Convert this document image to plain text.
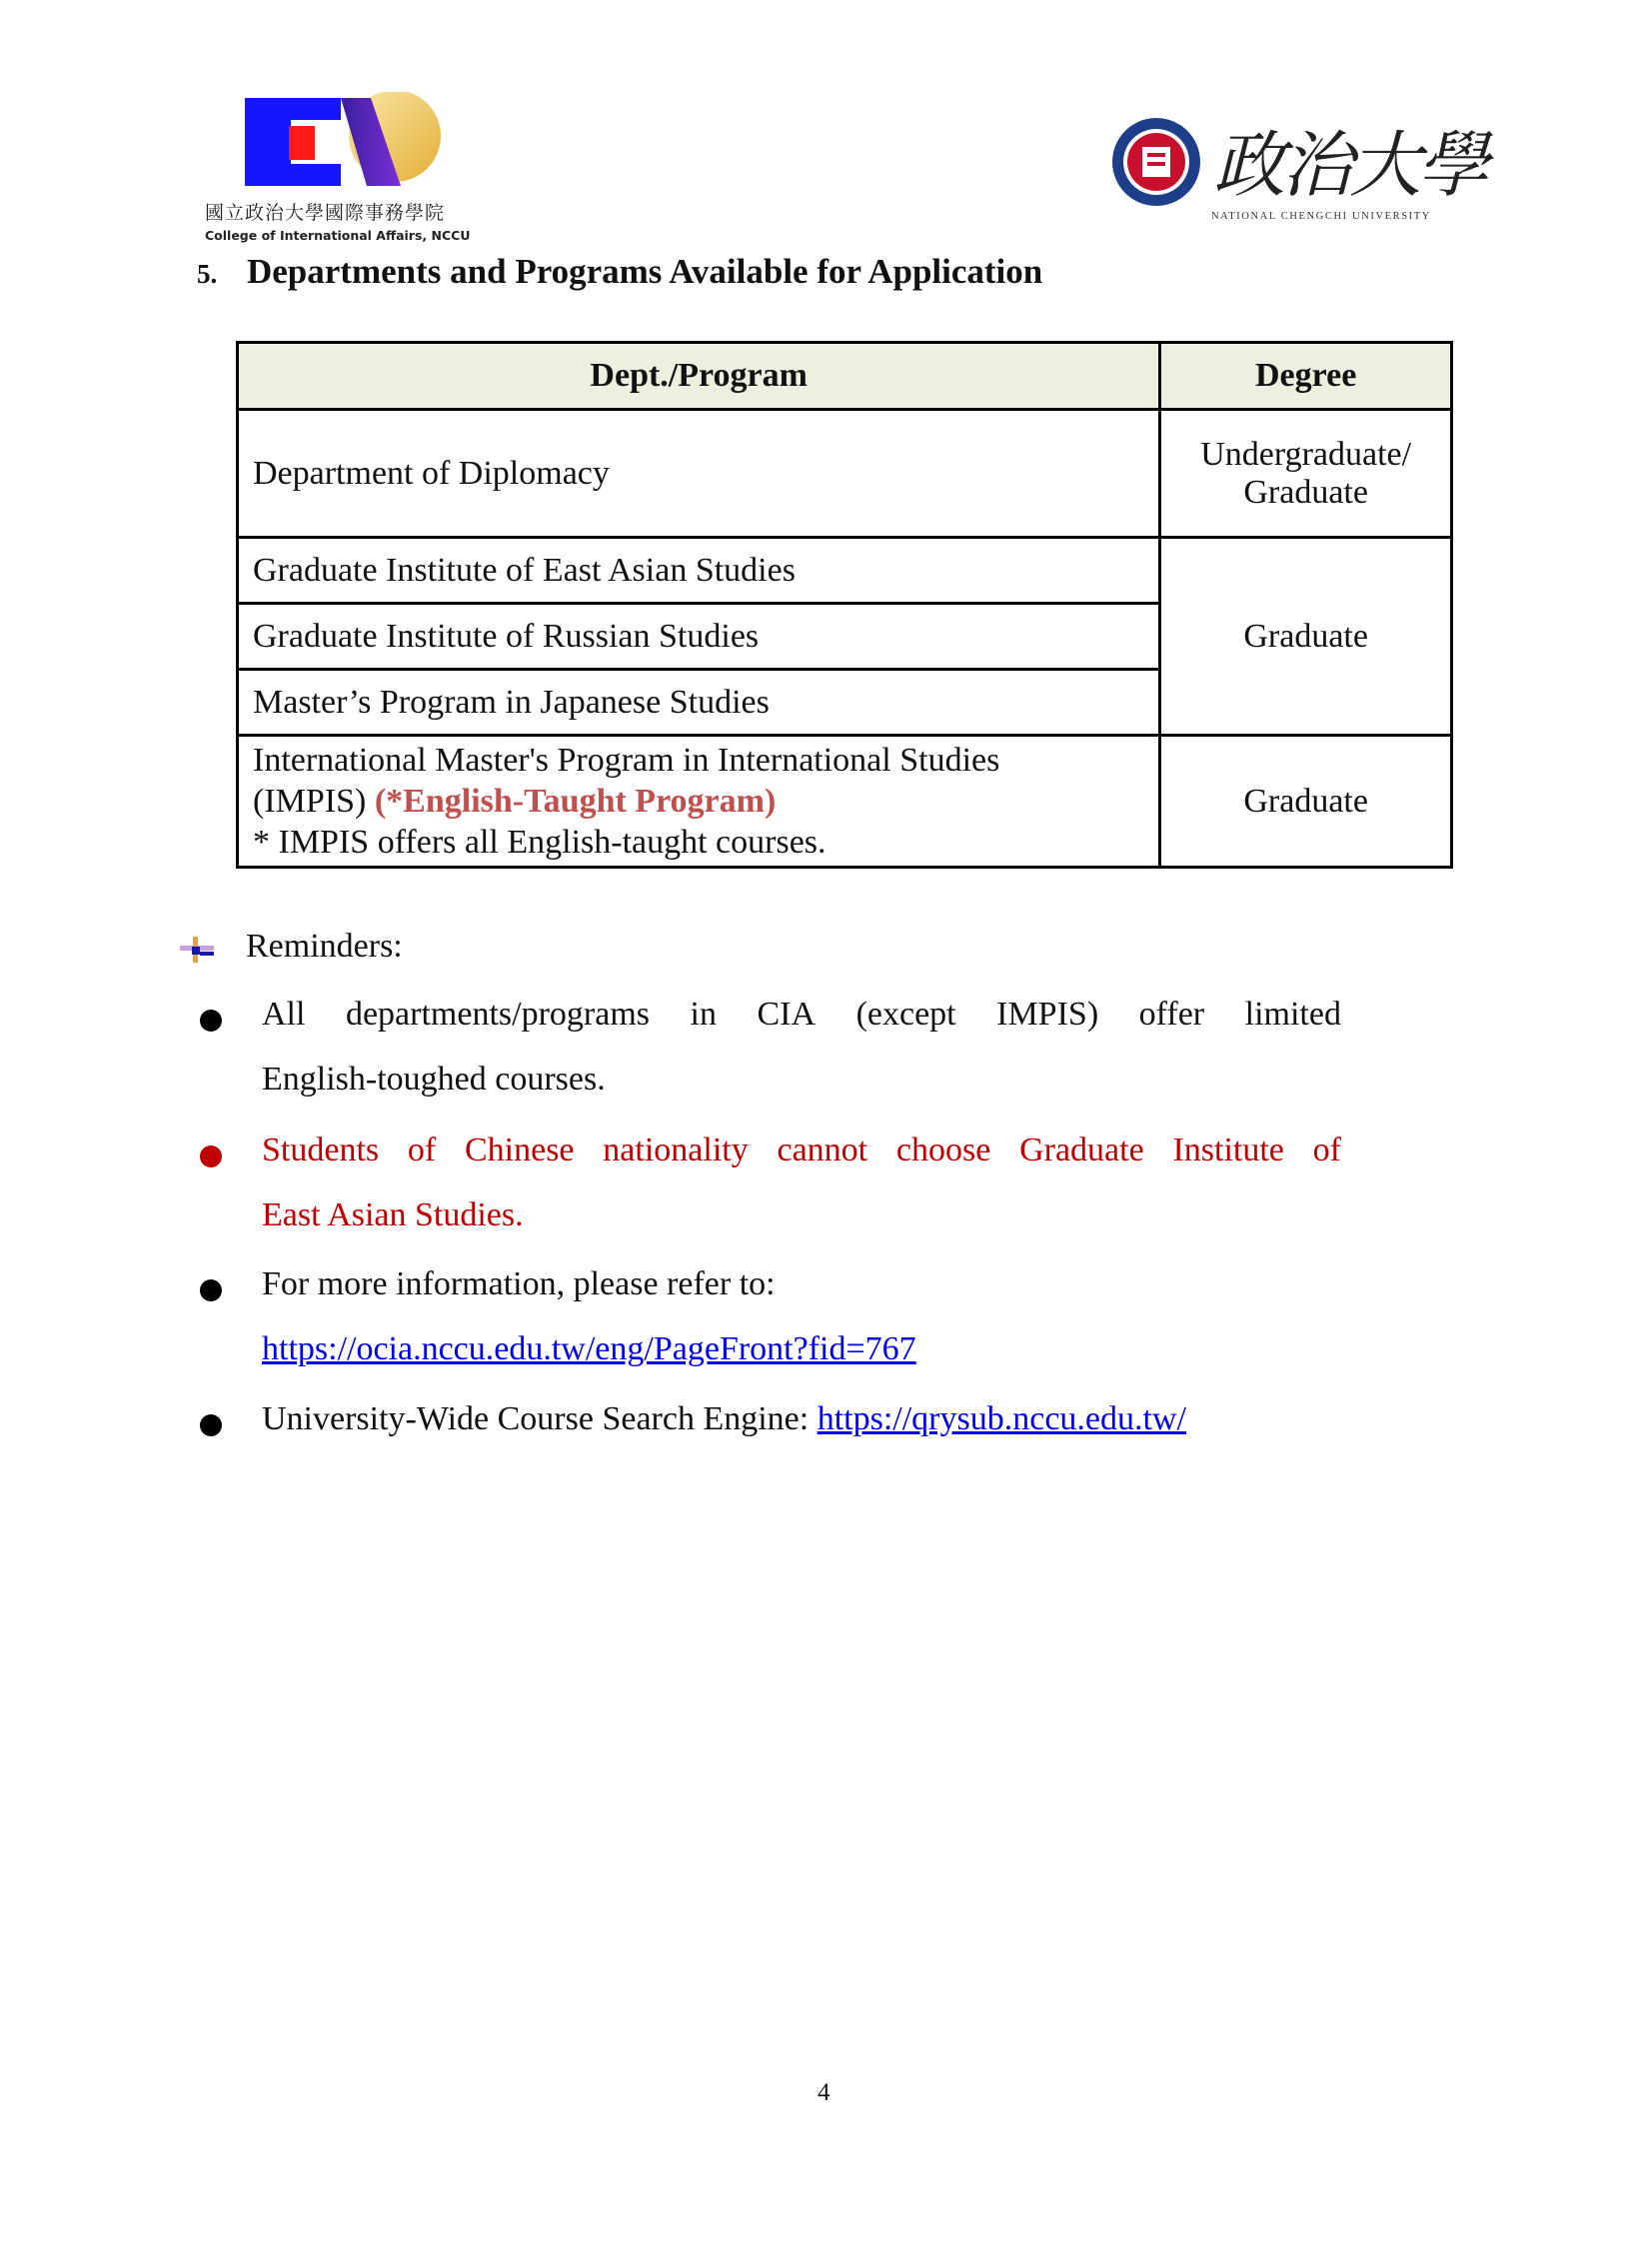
國立政治大學國際事務學院
College of International Affairs, NCCU
政治大學
NATIONAL CHENGCHI UNIVERSITY
5. Departments and Programs Available for Application
Dept./Program	Degree
Department of Diplomacy	Undergraduate/
Graduate

Graduate Institute of East Asian Studies	Graduate
Graduate Institute of Russian Studies	
Master’s Program in Japanese Studies	

International Master's Program in International Studies
(IMPIS) (*English-Taught Program)
* IMPIS offers all English-taught courses.	Graduate
Reminders:
All departments/programs in CIA (except IMPIS) offer limited
English-toughed courses.
Students of Chinese nationality cannot choose Graduate Institute of
East Asian Studies.
For more information, please refer to:
https://ocia.nccu.edu.tw/eng/PageFront?fid=767
University-Wide Course Search Engine: https://qrysub.nccu.edu.tw/
4
